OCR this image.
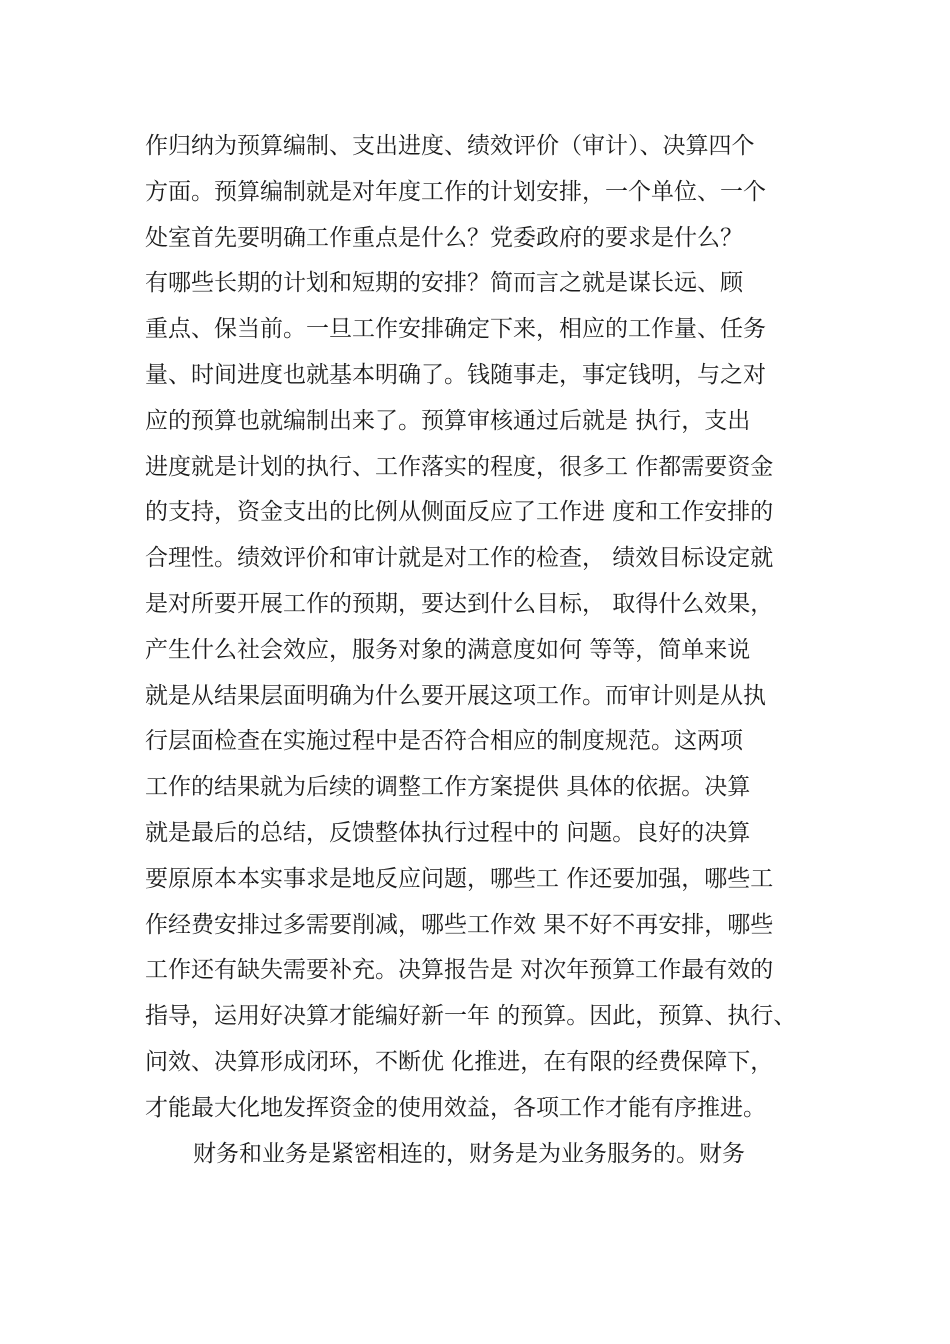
作归纳为预算编制、支出进度、绩效评价（审计）、决算四个
方面。预算编制就是对年度工作的计划安排，一个单位、一个
处室首先要明确工作重点是什么？党委政府的要求是什么？
有哪些长期的计划和短期的安排？简而言之就是谋长远、顾
重点、保当前。一旦工作安排确定下来，相应的工作量、任务
量、时间进度也就基本明确了。钱随事走，事定钱明，与之对
应的预算也就编制出来了。预算审核通过后就是 执行，支出
进度就是计划的执行、工作落实的程度，很多工 作都需要资金
的支持，资金支出的比例从侧面反应了工作进 度和工作安排的
合理性。绩效评价和审计就是对工作的检查， 绩效目标设定就
是对所要开展工作的预期，要达到什么目标， 取得什么效果，
产生什么社会效应，服务对象的满意度如何 等等，简单来说
就是从结果层面明确为什么要开展这项工作。而审计则是从执
行层面检查在实施过程中是否符合相应的制度规范。这两项
工作的结果就为后续的调整工作方案提供 具体的依据。决算
就是最后的总结，反馈整体执行过程中的 问题。良好的决算
要原原本本实事求是地反应问题，哪些工 作还要加强，哪些工
作经费安排过多需要削减，哪些工作效 果不好不再安排，哪些
工作还有缺失需要补充。决算报告是 对次年预算工作最有效的
指导，运用好决算才能编好新一年 的预算。因此，预算、执行、
问效、决算形成闭环，不断优 化推进，在有限的经费保障下，
才能最大化地发挥资金的使用效益，各项工作才能有序推进。
财务和业务是紧密相连的，财务是为业务服务的。财务
